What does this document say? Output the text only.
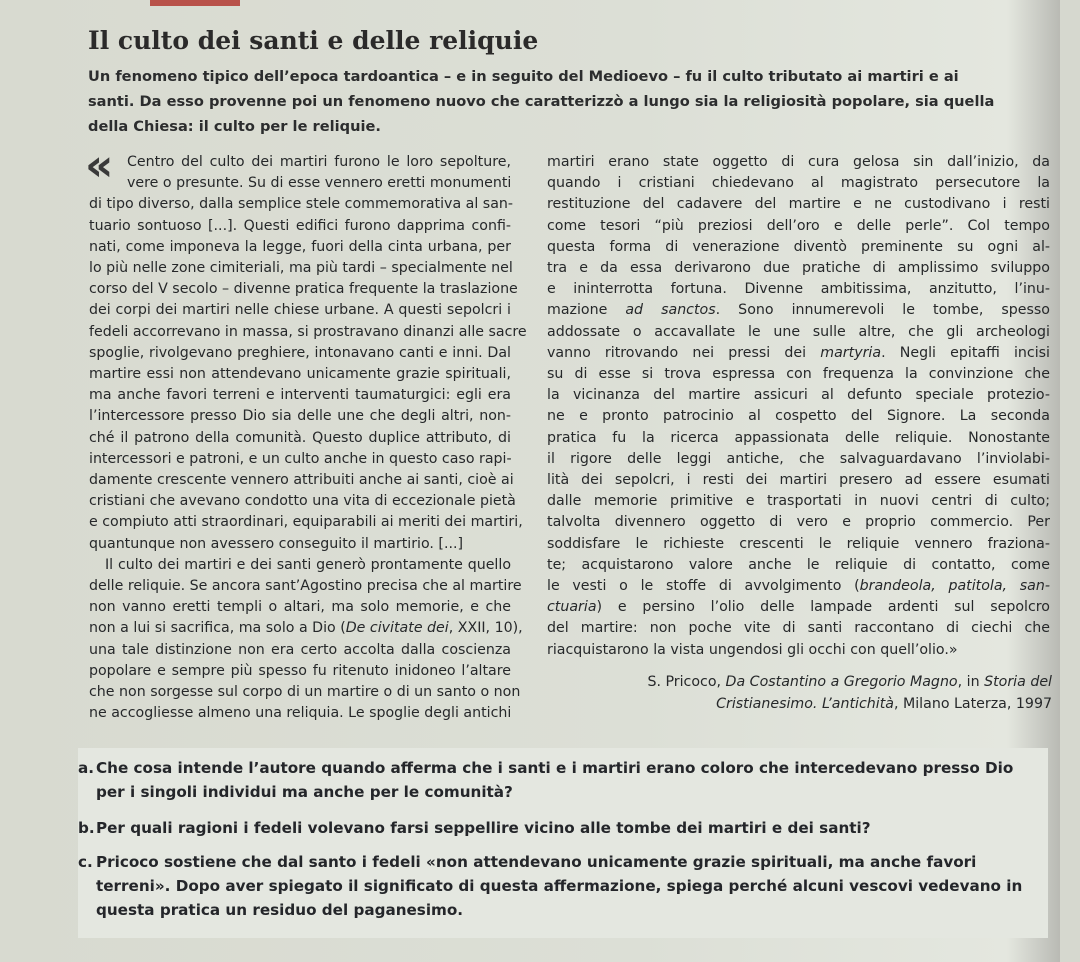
Il culto dei santi e delle reliquie
Un fenomeno tipico dell’epoca tardoantica – e in seguito del Medioevo – fu il culto tributato ai martiri e ai
santi. Da esso provenne poi un fenomeno nuovo che caratterizzò a lungo sia la religiosità popolare, sia quella
della Chiesa: il culto per le reliquie.
« Centro del culto dei martiri furono le loro sepolture,
vere o presunte. Su di esse vennero eretti monumenti
di tipo diverso, dalla semplice stele commemorativa al san-
tuario sontuoso [...]. Questi edifici furono dapprima confi-
nati, come imponeva la legge, fuori della cinta urbana, per
lo più nelle zone cimiteriali, ma più tardi – specialmente nel
corso del V secolo – divenne pratica frequente la traslazione
dei corpi dei martiri nelle chiese urbane. A questi sepolcri i
fedeli accorrevano in massa, si prostravano dinanzi alle sacre
spoglie, rivolgevano preghiere, intonavano canti e inni. Dal
martire essi non attendevano unicamente grazie spirituali,
ma anche favori terreni e interventi taumaturgici: egli era
l’intercessore presso Dio sia delle une che degli altri, non-
ché il patrono della comunità. Questo duplice attributo, di
intercessori e patroni, e un culto anche in questo caso rapi-
damente crescente vennero attribuiti anche ai santi, cioè ai
cristiani che avevano condotto una vita di eccezionale pietà
e compiuto atti straordinari, equiparabili ai meriti dei martiri,
quantunque non avessero conseguito il martirio. [...]
Il culto dei martiri e dei santi generò prontamente quello
delle reliquie. Se ancora sant’Agostino precisa che al martire
non vanno eretti templi o altari, ma solo memorie, e che
non a lui si sacrifica, ma solo a Dio (De civitate dei, XXII, 10),
una tale distinzione non era certo accolta dalla coscienza
popolare e sempre più spesso fu ritenuto inidoneo l’altare
che non sorgesse sul corpo di un martire o di un santo o non
ne accogliesse almeno una reliquia. Le spoglie degli antichi
martiri erano state oggetto di cura gelosa sin dall’inizio, da
quando i cristiani chiedevano al magistrato persecutore la
restituzione del cadavere del martire e ne custodivano i resti
come tesori “più preziosi dell’oro e delle perle”. Col tempo
questa forma di venerazione diventò preminente su ogni al-
tra e da essa derivarono due pratiche di amplissimo sviluppo
e ininterrotta fortuna. Divenne ambitissima, anzitutto, l’inu-
mazione ad sanctos. Sono innumerevoli le tombe, spesso
addossate o accavallate le une sulle altre, che gli archeologi
vanno ritrovando nei pressi dei martyria. Negli epitaffi incisi
su di esse si trova espressa con frequenza la convinzione che
la vicinanza del martire assicuri al defunto speciale protezio-
ne e pronto patrocinio al cospetto del Signore. La seconda
pratica fu la ricerca appassionata delle reliquie. Nonostante
il rigore delle leggi antiche, che salvaguardavano l’inviolabi-
lità dei sepolcri, i resti dei martiri presero ad essere esumati
dalle memorie primitive e trasportati in nuovi centri di culto;
talvolta divennero oggetto di vero e proprio commercio. Per
soddisfare le richieste crescenti le reliquie vennero fraziona-
te; acquistarono valore anche le reliquie di contatto, come
le vesti o le stoffe di avvolgimento (brandeola, patitola, san-
ctuaria) e persino l’olio delle lampade ardenti sul sepolcro
del martire: non poche vite di santi raccontano di ciechi che
riacquistarono la vista ungendosi gli occhi con quell’olio.»
S. Pricoco, Da Costantino a Gregorio Magno, in Storia del
Cristianesimo. L’antichità, Milano Laterza, 1997
a. Che cosa intende l’autore quando afferma che i santi e i martiri erano coloro che intercedevano presso Dio
per i singoli individui ma anche per le comunità?
b. Per quali ragioni i fedeli volevano farsi seppellire vicino alle tombe dei martiri e dei santi?
c. Pricoco sostiene che dal santo i fedeli «non attendevano unicamente grazie spirituali, ma anche favori
terreni». Dopo aver spiegato il significato di questa affermazione, spiega perché alcuni vescovi vedevano in
questa pratica un residuo del paganesimo.
